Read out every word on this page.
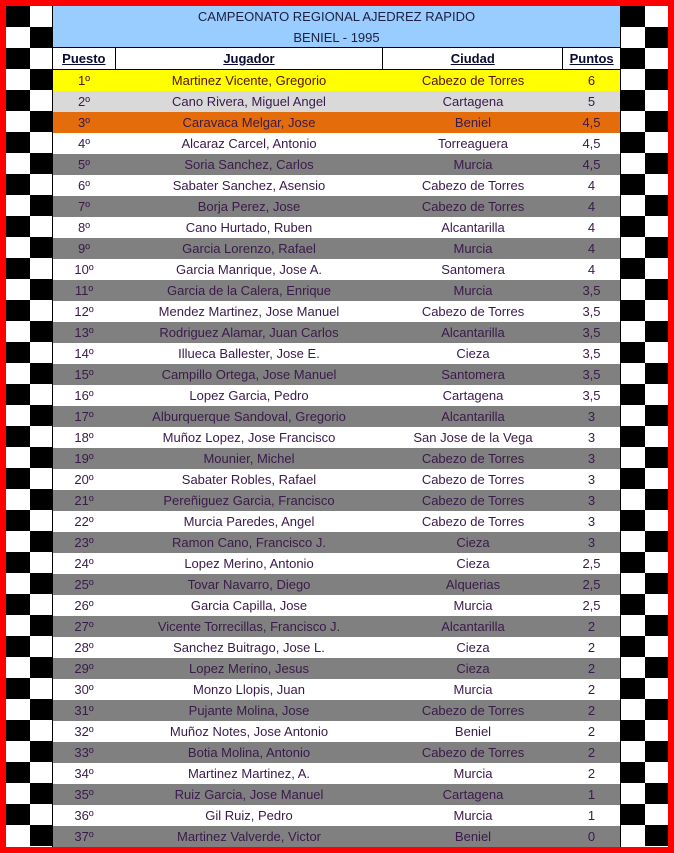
CAMPEONATO REGIONAL AJEDREZ RAPIDO
BENIEL - 1995
Puesto	Jugador	Ciudad	Puntos
1º	Martinez Vicente, Gregorio	Cabezo de Torres	6
2º	Cano Rivera, Miguel Angel	Cartagena	5
3º	Caravaca Melgar, Jose	Beniel	4,5
4º	Alcaraz Carcel, Antonio	Torreaguera	4,5
5º	Soria Sanchez, Carlos	Murcia	4,5
6º	Sabater Sanchez, Asensio	Cabezo de Torres	4
7º	Borja Perez, Jose	Cabezo de Torres	4
8º	Cano Hurtado, Ruben	Alcantarilla	4
9º	Garcia Lorenzo, Rafael	Murcia	4
10º	Garcia Manrique, Jose A.	Santomera	4
11º	Garcia de la Calera, Enrique	Murcia	3,5
12º	Mendez Martinez, Jose Manuel	Cabezo de Torres	3,5
13º	Rodriguez Alamar, Juan Carlos	Alcantarilla	3,5
14º	Illueca Ballester, Jose E.	Cieza	3,5
15º	Campillo Ortega, Jose Manuel	Santomera	3,5
16º	Lopez Garcia, Pedro	Cartagena	3,5
17º	Alburquerque Sandoval, Gregorio	Alcantarilla	3
18º	Muñoz Lopez, Jose Francisco	San Jose de la Vega	3
19º	Mounier, Michel	Cabezo de Torres	3
20º	Sabater Robles, Rafael	Cabezo de Torres	3
21º	Pereñiguez Garcia, Francisco	Cabezo de Torres	3
22º	Murcia Paredes, Angel	Cabezo de Torres	3
23º	Ramon Cano, Francisco J.	Cieza	3
24º	Lopez Merino, Antonio	Cieza	2,5
25º	Tovar Navarro, Diego	Alquerias	2,5
26º	Garcia Capilla, Jose	Murcia	2,5
27º	Vicente Torrecillas, Francisco J.	Alcantarilla	2
28º	Sanchez Buitrago, Jose L.	Cieza	2
29º	Lopez Merino, Jesus	Cieza	2
30º	Monzo Llopis, Juan	Murcia	2
31º	Pujante Molina, Jose	Cabezo de Torres	2
32º	Muñoz Notes, Jose Antonio	Beniel	2
33º	Botia Molina, Antonio	Cabezo de Torres	2
34º	Martinez Martinez, A.	Murcia	2
35º	Ruiz Garcia, Jose Manuel	Cartagena	1
36º	Gil Ruiz, Pedro	Murcia	1
37º	Martinez Valverde, Victor	Beniel	0
